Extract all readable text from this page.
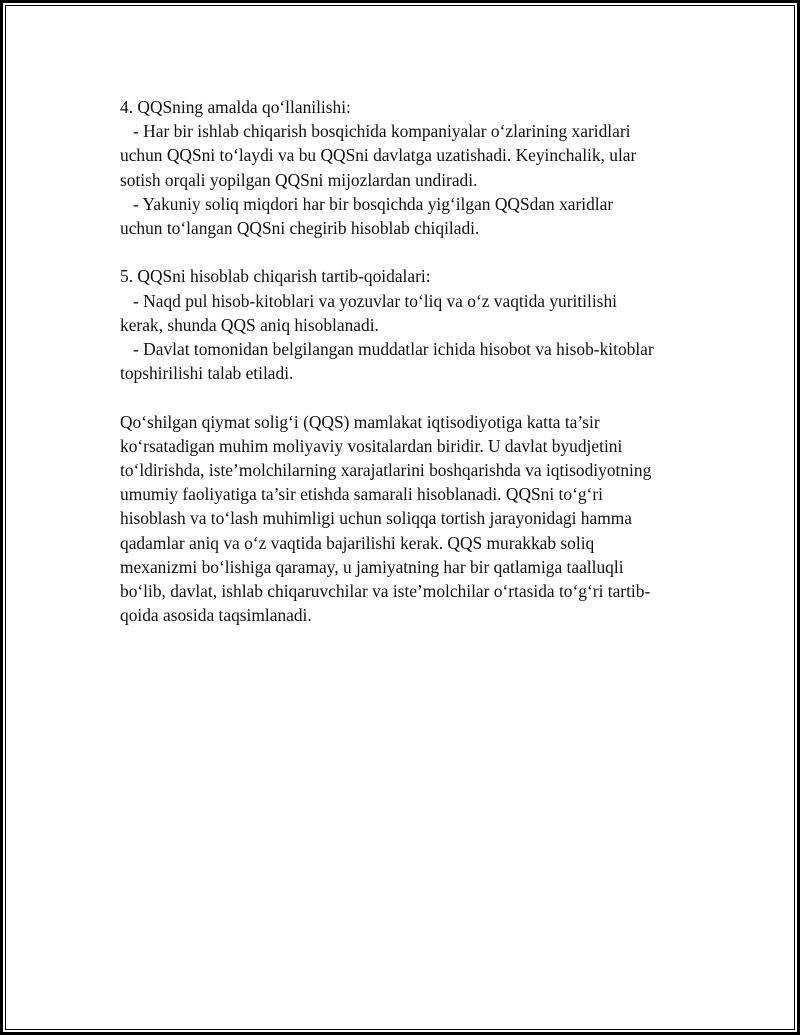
4. QQSning amalda qo‘llanilishi:
- Har bir ishlab chiqarish bosqichida kompaniyalar o‘zlarining xaridlari
uchun QQSni to‘laydi va bu QQSni davlatga uzatishadi. Keyinchalik, ular
sotish orqali yopilgan QQSni mijozlardan undiradi.
- Yakuniy soliq miqdori har bir bosqichda yig‘ilgan QQSdan xaridlar
uchun to‘langan QQSni chegirib hisoblab chiqiladi.
5. QQSni hisoblab chiqarish tartib-qoidalari:
- Naqd pul hisob-kitoblari va yozuvlar to‘liq va o‘z vaqtida yuritilishi
kerak, shunda QQS aniq hisoblanadi.
- Davlat tomonidan belgilangan muddatlar ichida hisobot va hisob-kitoblar
topshirilishi talab etiladi.
Qo‘shilgan qiymat solig‘i (QQS) mamlakat iqtisodiyotiga katta ta’sir
ko‘rsatadigan muhim moliyaviy vositalardan biridir. U davlat byudjetini
to‘ldirishda, iste’molchilarning xarajatlarini boshqarishda va iqtisodiyotning
umumiy faoliyatiga ta’sir etishda samarali hisoblanadi. QQSni to‘g‘ri
hisoblash va to‘lash muhimligi uchun soliqqa tortish jarayonidagi hamma
qadamlar aniq va o‘z vaqtida bajarilishi kerak. QQS murakkab soliq
mexanizmi bo‘lishiga qaramay, u jamiyatning har bir qatlamiga taalluqli
bo‘lib, davlat, ishlab chiqaruvchilar va iste’molchilar o‘rtasida to‘g‘ri tartib-
qoida asosida taqsimlanadi.
